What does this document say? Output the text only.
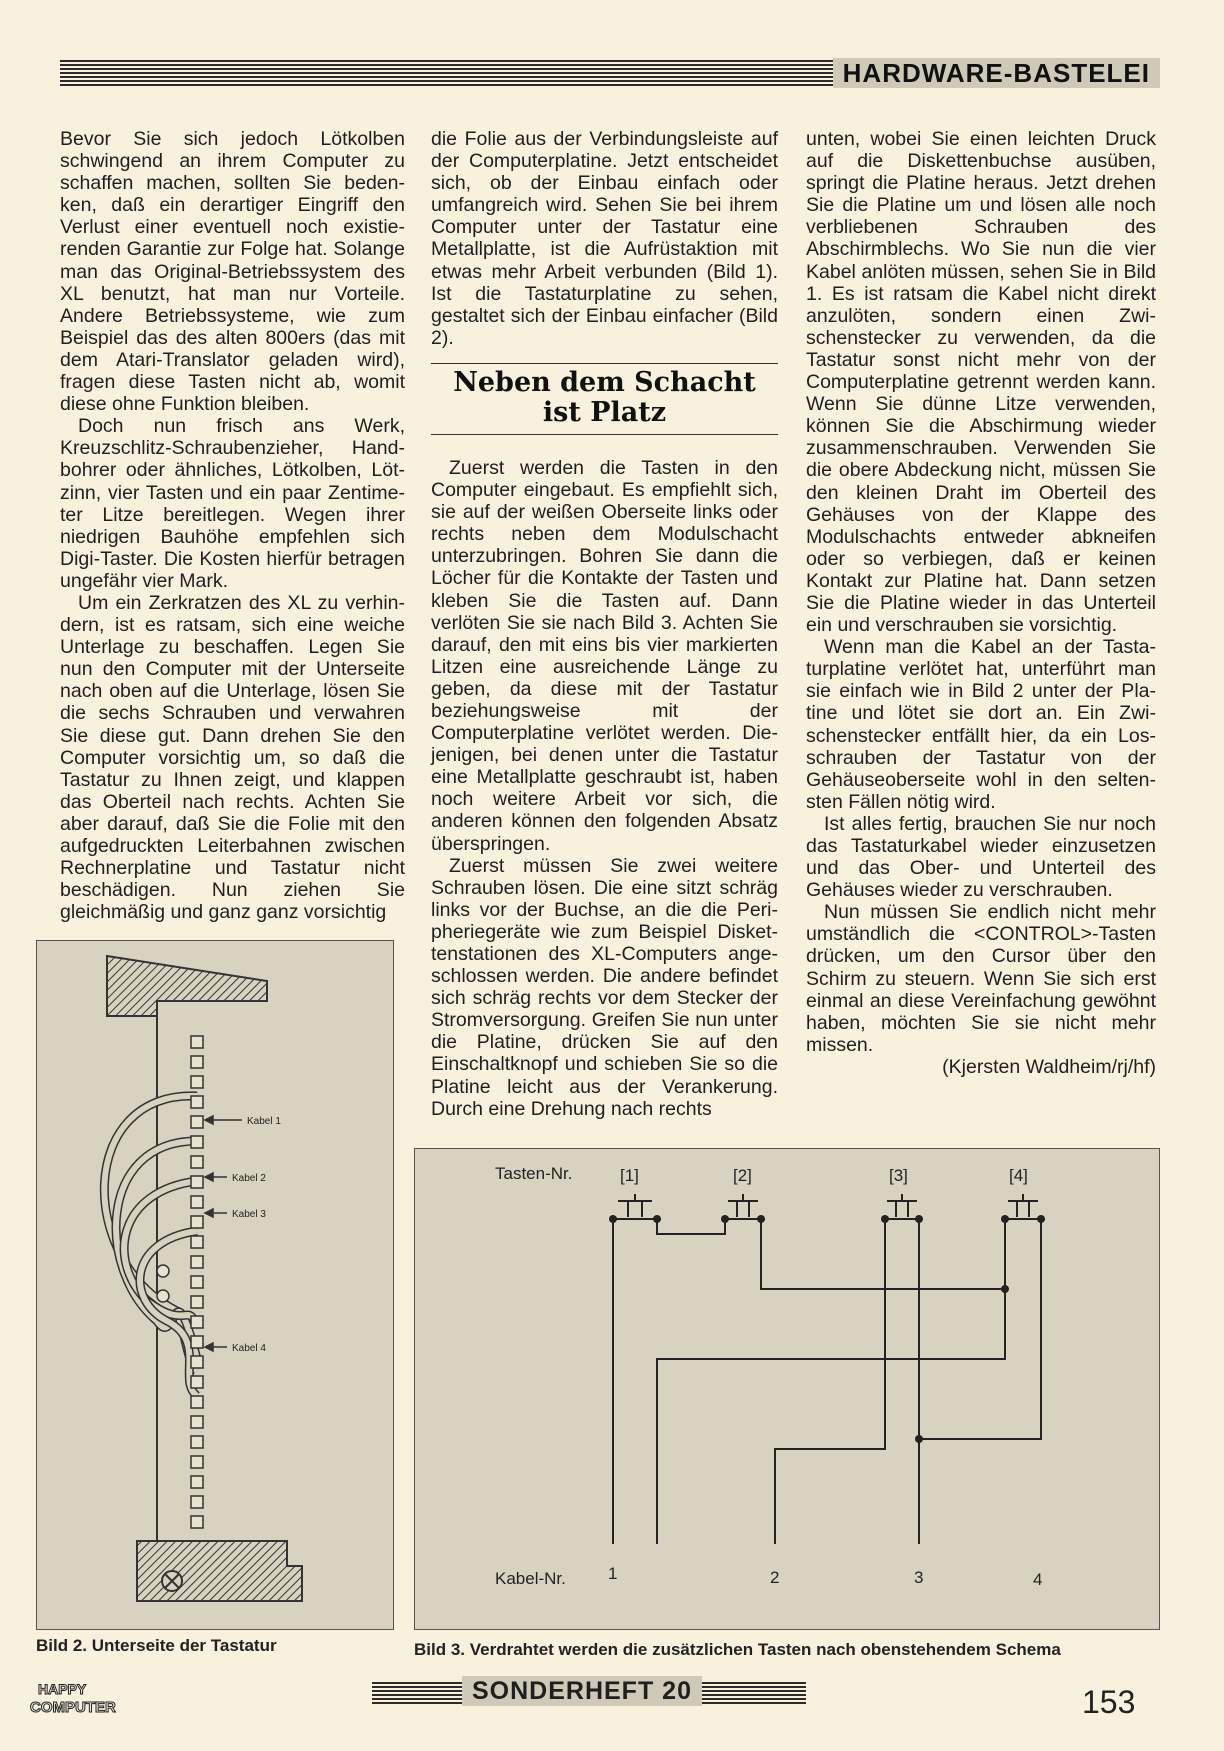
HARDWARE-BASTELEI

Bevor Sie sich jedoch Lötkolben schwingend an ihrem Computer zu schaffen machen, sollten Sie bedenken, daß ein derartiger Eingriff den Verlust einer eventuell noch existierenden Garantie zur Folge hat. Solange man das Original-Betriebssystem des XL benutzt, hat man nur Vorteile. Andere Betriebssysteme, wie zum Beispiel das des alten 800ers (das mit dem Atari-Translator geladen wird), fragen diese Tasten nicht ab, womit diese ohne Funktion bleiben.

Doch nun frisch ans Werk, Kreuzschlitz-Schraubenzieher, Handbohrer oder ähnliches, Lötkolben, Lötzinn, vier Tasten und ein paar Zentimeter Litze bereitlegen. Wegen ihrer niedrigen Bauhöhe empfehlen sich Digi-Taster. Die Kosten hierfür betragen ungefähr vier Mark.

Um ein Zerkratzen des XL zu verhindern, ist es ratsam, sich eine weiche Unterlage zu beschaffen. Legen Sie nun den Computer mit der Unterseite nach oben auf die Unterlage, lösen Sie die sechs Schrauben und verwahren Sie diese gut. Dann drehen Sie den Computer vorsichtig um, so daß die Tastatur zu Ihnen zeigt, und klappen das Oberteil nach rechts. Achten Sie aber darauf, daß Sie die Folie mit den aufgedruckten Leiterbahnen zwischen Rechnerplatine und Tastatur nicht beschädigen. Nun ziehen Sie gleichmäßig und ganz ganz vorsichtig

die Folie aus der Verbindungsleiste auf der Computerplatine. Jetzt entscheidet sich, ob der Einbau einfach oder umfangreich wird. Sehen Sie bei ihrem Computer unter der Tastatur eine Metallplatte, ist die Aufrüstaktion mit etwas mehr Arbeit verbunden (Bild 1). Ist die Tastaturplatine zu sehen, gestaltet sich der Einbau einfacher (Bild 2).

Neben dem Schacht
ist Platz

Zuerst werden die Tasten in den Computer eingebaut. Es empfiehlt sich, sie auf der weißen Oberseite links oder rechts neben dem Modulschacht unterzubringen. Bohren Sie dann die Löcher für die Kontakte der Tasten und kleben Sie die Tasten auf. Dann verlöten Sie sie nach Bild 3. Achten Sie darauf, den mit eins bis vier markierten Litzen eine ausreichende Länge zu geben, da diese mit der Tastatur beziehungsweise mit der Computerplatine verlötet werden. Diejenigen, bei denen unter die Tastatur eine Metallplatte geschraubt ist, haben noch weitere Arbeit vor sich, die anderen können den folgenden Absatz überspringen.

Zuerst müssen Sie zwei weitere Schrauben lösen. Die eine sitzt schräg links vor der Buchse, an die die Peripheriegeräte wie zum Beispiel Diskettenstationen des XL-Computers angeschlossen werden. Die andere befindet sich schräg rechts vor dem Stecker der Stromversorgung. Greifen Sie nun unter die Platine, drücken Sie auf den Einschaltknopf und schieben Sie so die Platine leicht aus der Verankerung. Durch eine Drehung nach rechts

unten, wobei Sie einen leichten Druck auf die Diskettenbuchse ausüben, springt die Platine heraus. Jetzt drehen Sie die Platine um und lösen alle noch verbliebenen Schrauben des Abschirmblechs. Wo Sie nun die vier Kabel anlöten müssen, sehen Sie in Bild 1. Es ist ratsam die Kabel nicht direkt anzulöten, sondern einen Zwischenstecker zu verwenden, da die Tastatur sonst nicht mehr von der Computerplatine getrennt werden kann. Wenn Sie dünne Litze verwenden, können Sie die Abschirmung wieder zusammenschrauben. Verwenden Sie die obere Abdeckung nicht, müssen Sie den kleinen Draht im Oberteil des Gehäuses von der Klappe des Modulschachts entweder abkneifen oder so verbiegen, daß er keinen Kontakt zur Platine hat. Dann setzen Sie die Platine wieder in das Unterteil ein und verschrauben sie vorsichtig.

Wenn man die Kabel an der Tastaturplatine verlötet hat, unterführt man sie einfach wie in Bild 2 unter der Platine und lötet sie dort an. Ein Zwischenstecker entfällt hier, da ein Losschrauben der Tastatur von der Gehäuseoberseite wohl in den seltensten Fällen nötig wird.

Ist alles fertig, brauchen Sie nur noch das Tastaturkabel wieder einzusetzen und das Ober- und Unterteil des Gehäuses wieder zu verschrauben.

Nun müssen Sie endlich nicht mehr umständlich die <CONTROL>-Tasten drücken, um den Cursor über den Schirm zu steuern. Wenn Sie sich erst einmal an diese Vereinfachung gewöhnt haben, möchten Sie sie nicht mehr missen.

(Kjersten Waldheim/rj/hf)

Kabel 1
Kabel 2
Kabel 3
Kabel 4
Bild 2. Unterseite der Tastatur
Tasten-Nr.	[1]	[2]	[3]	[4]
Kabel-Nr. 1	2	3	4
Bild 3. Verdrahtet werden die zusätzlichen Tasten nach obenstehendem Schema
HAPPY
COMPUTER
SONDERHEFT 20	153
